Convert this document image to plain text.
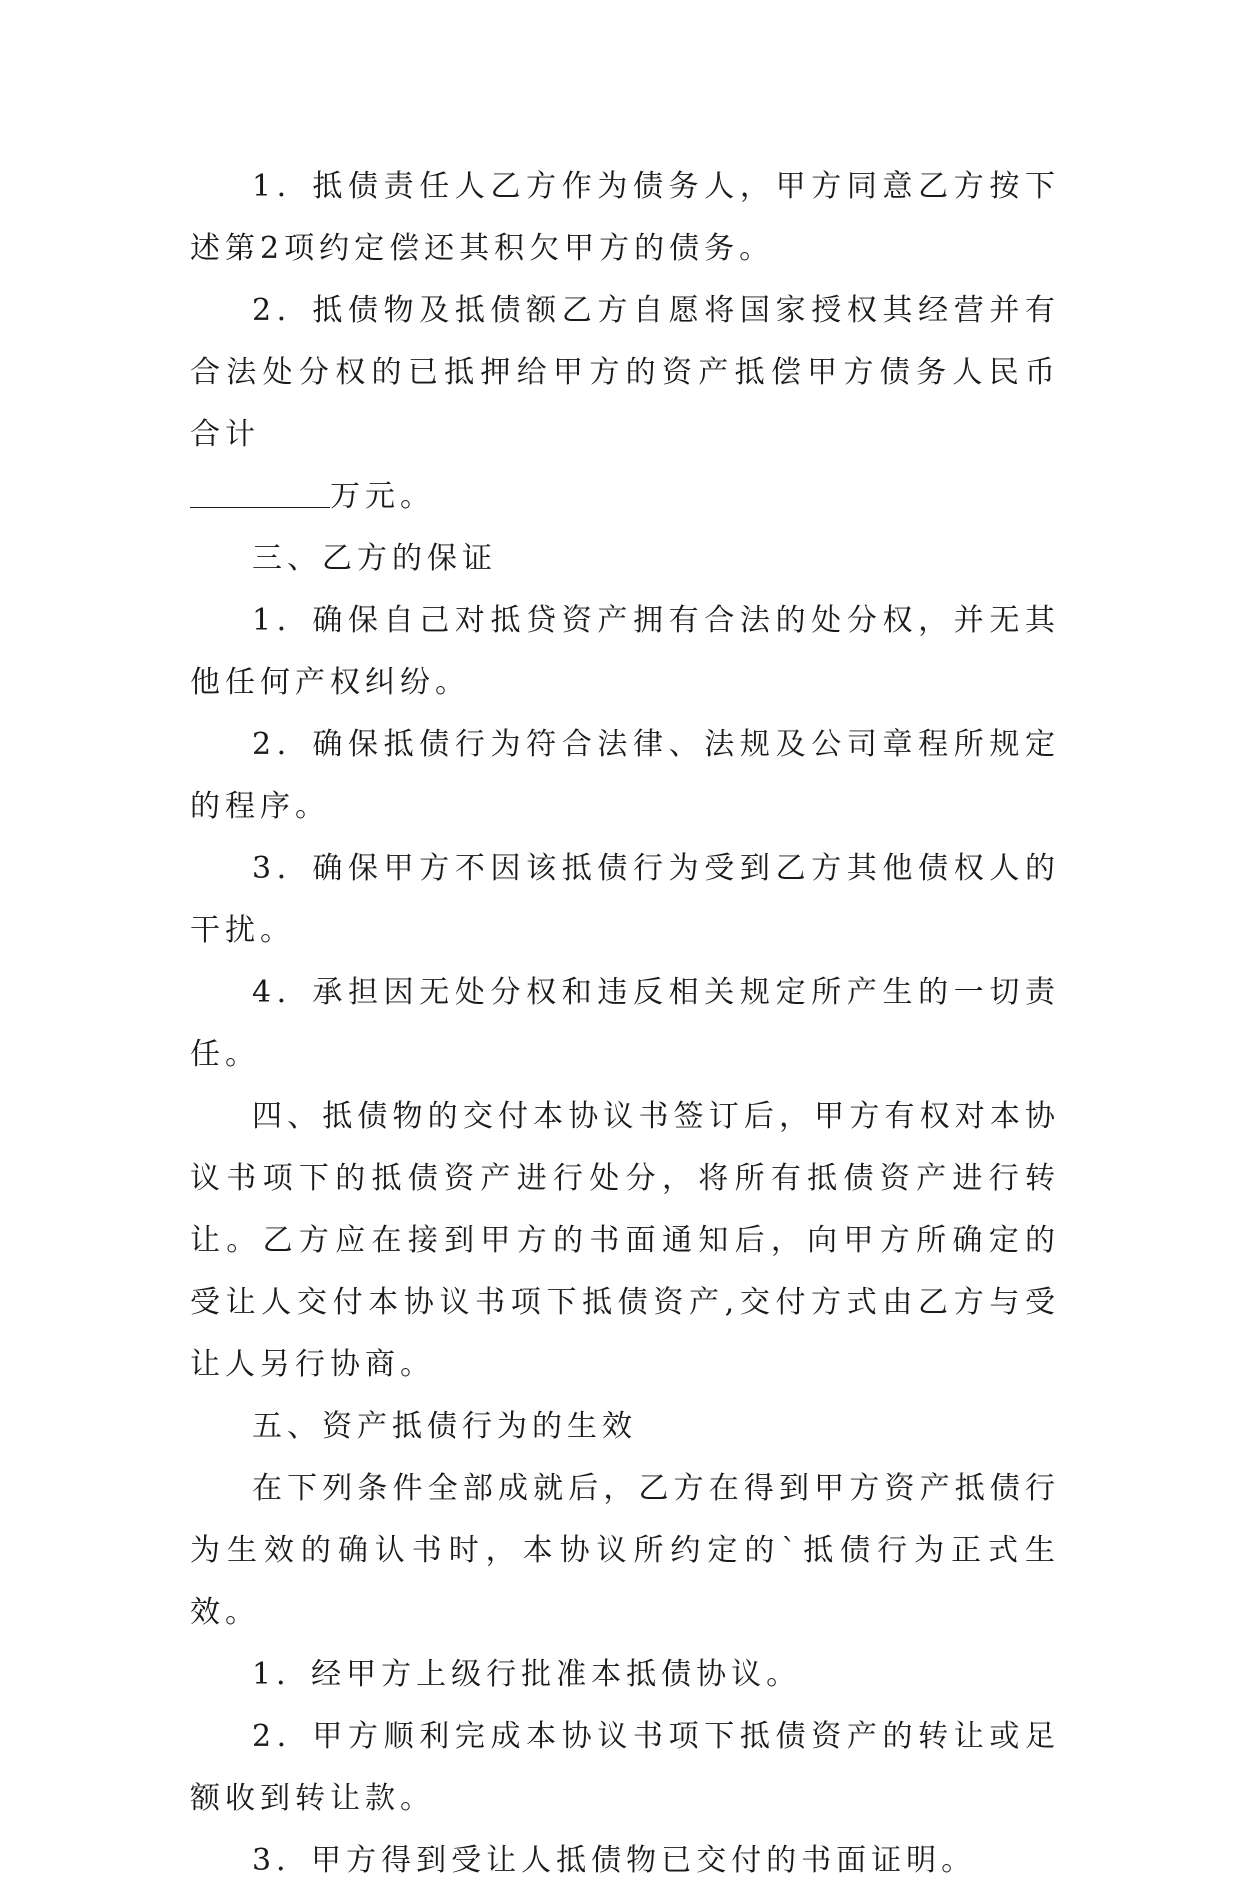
1．抵债责任人乙方作为债务人，甲方同意乙方按下述第2项约定偿还其积欠甲方的债务。

2．抵债物及抵债额乙方自愿将国家授权其经营并有合法处分权的已抵押给甲方的资产抵偿甲方债务人民币合计
万元。

三、乙方的保证

1．确保自己对抵贷资产拥有合法的处分权，并无其他任何产权纠纷。

2．确保抵债行为符合法律、法规及公司章程所规定的程序。

3．确保甲方不因该抵债行为受到乙方其他债权人的干扰。

4．承担因无处分权和违反相关规定所产生的一切责任。

四、抵债物的交付本协议书签订后，甲方有权对本协议书项下的抵债资产进行处分，将所有抵债资产进行转让。乙方应在接到甲方的书面通知后，向甲方所确定的受让人交付本协议书项下抵债资产,交付方式由乙方与受让人另行协商。

五、资产抵债行为的生效

在下列条件全部成就后，乙方在得到甲方资产抵债行为生效的确认书时，本协议所约定的`抵债行为正式生效。

1．经甲方上级行批准本抵债协议。

2．甲方顺利完成本协议书项下抵债资产的转让或足额收到转让款。

3．甲方得到受让人抵债物已交付的书面证明。
